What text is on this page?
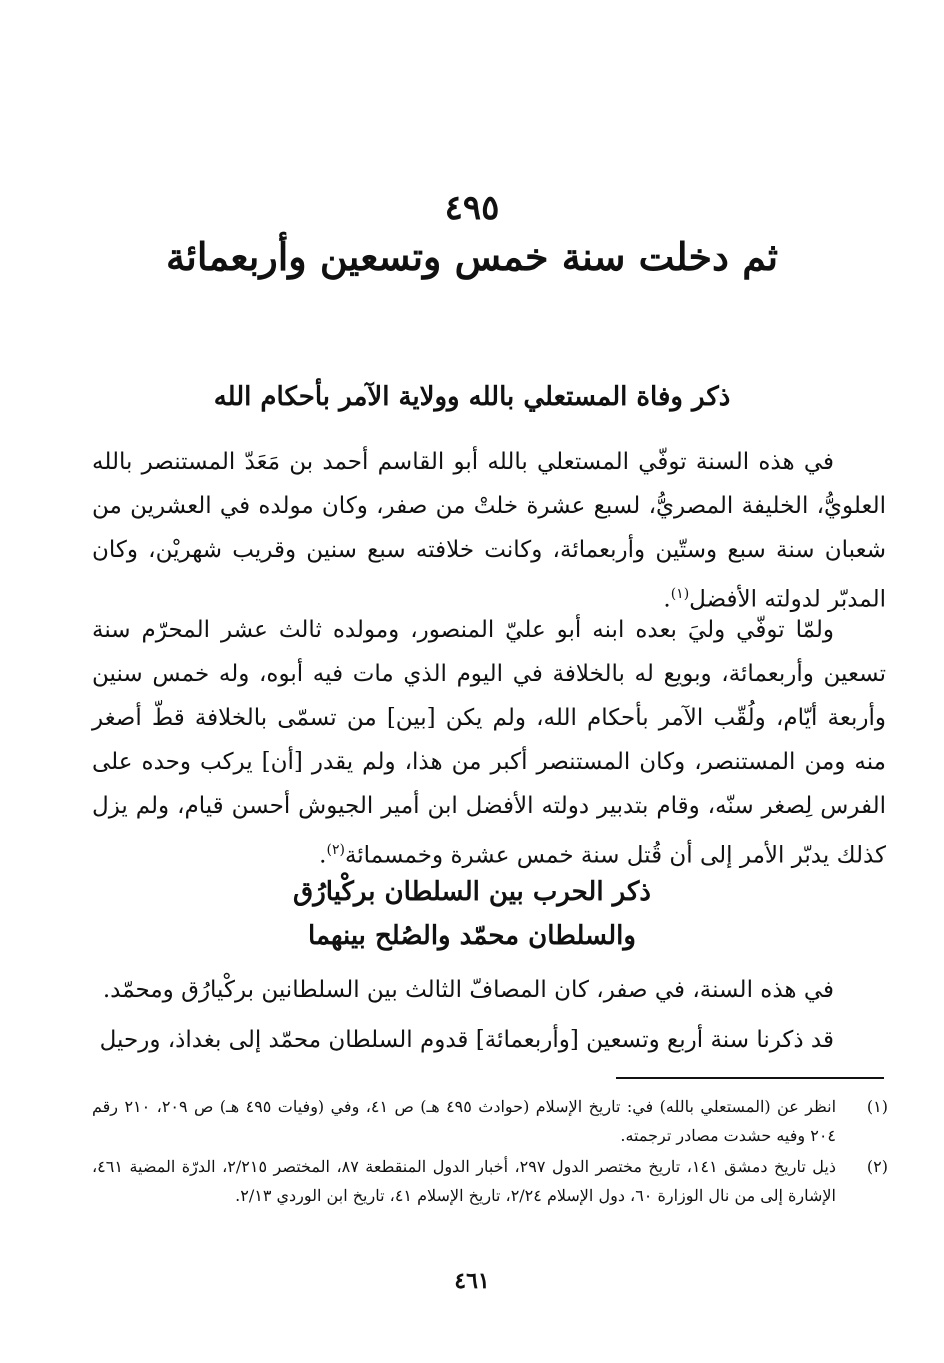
٤٩٥
ثم دخلت سنة خمس وتسعين وأربعمائة
ذكر وفاة المستعلي بالله وولاية الآمر بأحكام الله

في هذه السنة توفّي المستعلي بالله أبو القاسم أحمد بن مَعَدّ المستنصر بالله العلويُّ، الخليفة المصريُّ، لسبع عشرة خلتْ من صفر، وكان مولده في العشرين من شعبان سنة سبع وستّين وأربعمائة، وكانت خلافته سبع سنين وقريب شهريْن، وكان المدبّر لدولته الأفضل$^{(١)}$.

ولمّا توفّي وليَ بعده ابنه أبو عليّ المنصور، ومولده ثالث عشر المحرّم سنة تسعين وأربعمائة، وبويع له بالخلافة في اليوم الذي مات فيه أبوه، وله خمس سنين وأربعة أيّام، ولُقّب الآمر بأحكام الله، ولم يكن [بين] من تسمّى بالخلافة قطّ أصغر منه ومن المستنصر، وكان المستنصر أكبر من هذا، ولم يقدر [أن] يركب وحده على الفرس لِصغر سنّه، وقام بتدبير دولته الأفضل ابن أمير الجيوش أحسن قيام، ولم يزل كذلك يدبّر الأمر إلى أن قُتل سنة خمس عشرة وخمسمائة$^{(٢)}$.

ذكر الحرب بين السلطان بركْيارُق
والسلطان محمّد والصُلح بينهما

في هذه السنة، في صفر، كان المصافّ الثالث بين السلطانين بركْيارُق ومحمّد.

قد ذكرنا سنة أربع وتسعين [وأربعمائة] قدوم السلطان محمّد إلى بغداذ، ورحيل

(١)
انظر عن (المستعلي بالله) في: تاريخ الإسلام (حوادث ٤٩٥ هـ) ص ٤١، وفي (وفيات ٤٩٥ هـ) ص ٢٠٩، ٢١٠ رقم ٢٠٤ وفيه حشدت مصادر ترجمته.
(٢)
ذيل تاريخ دمشق ١٤١، تاريخ مختصر الدول ٢٩٧، أخبار الدول المنقطعة ٨٧، المختصر ٢/٢١٥، الدرّة المضية ٤٦١، الإشارة إلى من نال الوزارة ٦٠، دول الإسلام ٢/٢٤، تاريخ الإسلام ٤١، تاريخ ابن الوردي ٢/١٣.
٤٦١
